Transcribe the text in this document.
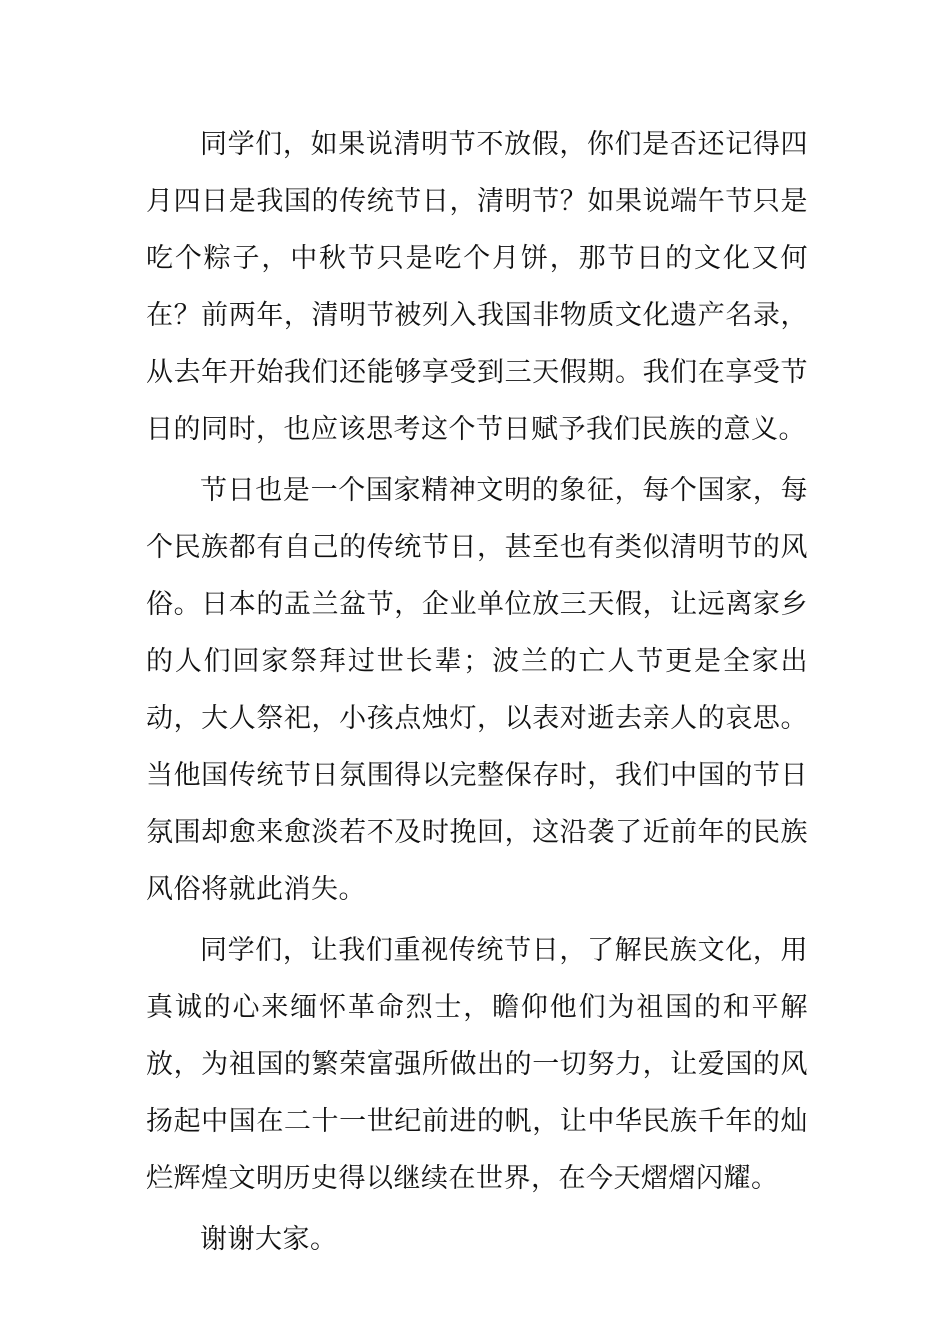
同学们，如果说清明节不放假，你们是否还记得四月四日是我国的传统节日，清明节？如果说端午节只是吃个粽子，中秋节只是吃个月饼，那节日的文化又何在？前两年，清明节被列入我国非物质文化遗产名录，从去年开始我们还能够享受到三天假期。我们在享受节日的同时，也应该思考这个节日赋予我们民族的意义。

节日也是一个国家精神文明的象征，每个国家，每个民族都有自己的传统节日，甚至也有类似清明节的风俗。日本的盂兰盆节，企业单位放三天假，让远离家乡的人们回家祭拜过世长辈；波兰的亡人节更是全家出动，大人祭祀，小孩点烛灯，以表对逝去亲人的哀思。当他国传统节日氛围得以完整保存时，我们中国的节日氛围却愈来愈淡若不及时挽回，这沿袭了近前年的民族风俗将就此消失。

同学们，让我们重视传统节日，了解民族文化，用真诚的心来缅怀革命烈士，瞻仰他们为祖国的和平解放，为祖国的繁荣富强所做出的一切努力，让爱国的风扬起中国在二十一世纪前进的帆，让中华民族千年的灿烂辉煌文明历史得以继续在世界，在今天熠熠闪耀。

谢谢大家。
